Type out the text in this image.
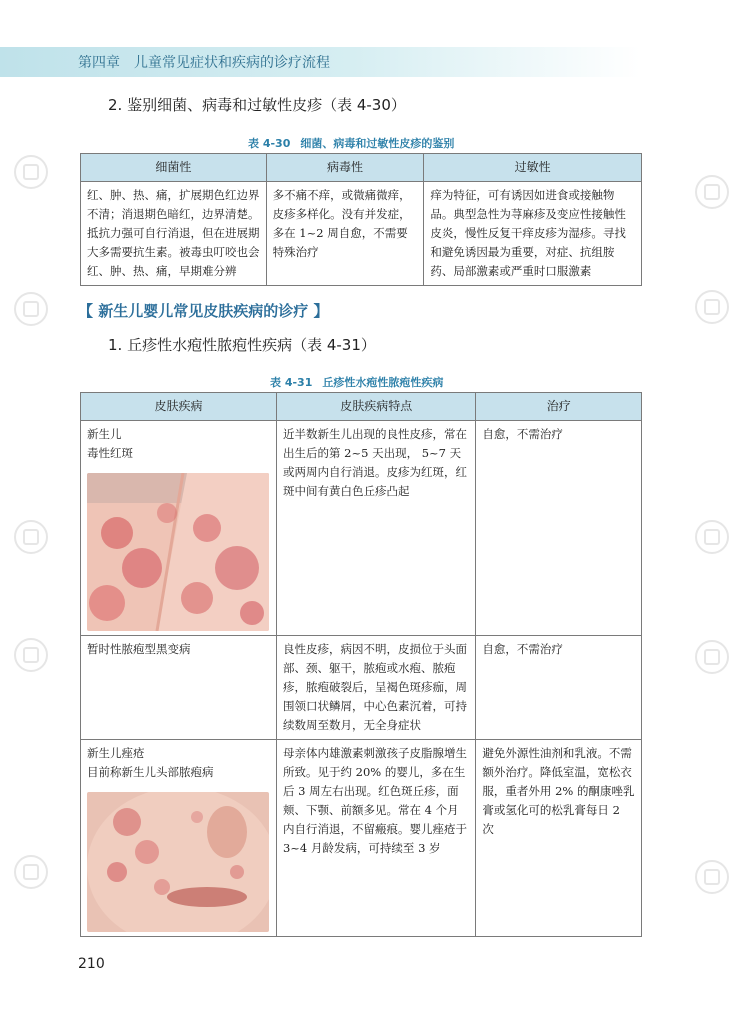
第四章　儿童常见症状和疾病的诊疗流程
2. 鉴别细菌、病毒和过敏性皮疹（表 4-30）
表 4-30 细菌、病毒和过敏性皮疹的鉴别
细菌性	病毒性	过敏性
红、肿、热、痛，扩展期色红边界不清；消退期色暗红，边界清楚。抵抗力强可自行消退，但在进展期大多需要抗生素。被毒虫叮咬也会红、肿、热、痛，早期难分辨	多不痛不痒，或微痛微痒，皮疹多样化。没有并发症，多在 1~2 周自愈，不需要特殊治疗	痒为特征，可有诱因如进食或接触物品。典型急性为荨麻疹及变应性接触性皮炎，慢性反复干痒皮疹为湿疹。寻找和避免诱因最为重要，对症、抗组胺药、局部激素或严重时口服激素
【 新生儿婴儿常见皮肤疾病的诊疗 】
1. 丘疹性水疱性脓疱性疾病（表 4-31）
表 4-31 丘疹性水疱性脓疱性疾病
皮肤疾病	皮肤疾病特点	治疗

新生儿
毒性红斑	近半数新生儿出现的良性皮疹，常在出生后的第 2~5 天出现， 5~7 天或两周内自行消退。皮疹为红斑，红斑中间有黄白色丘疹凸起	自愈，不需治疗

暂时性脓疱型黑变病	良性皮疹，病因不明，皮损位于头面部、颈、躯干，脓疱或水疱、脓疱疹，脓疱破裂后，呈褐色斑疹痂，周围领口状鳞屑，中心色素沉着，可持续数周至数月，无全身症状	自愈，不需治疗

新生儿痤疮
目前称新生儿头部脓疱病	母亲体内雄激素刺激孩子皮脂腺增生所致。见于约 20% 的婴儿，多在生后 3 周左右出现。红色斑丘疹，面颊、下颚、前额多见。常在 4 个月内自行消退，不留瘢痕。婴儿痤疮于 3~4 月龄发病，可持续至 3 岁	避免外源性油剂和乳液。不需额外治疗。降低室温，宽松衣服，重者外用 2% 的酮康唑乳膏或氢化可的松乳膏每日 2 次
210
